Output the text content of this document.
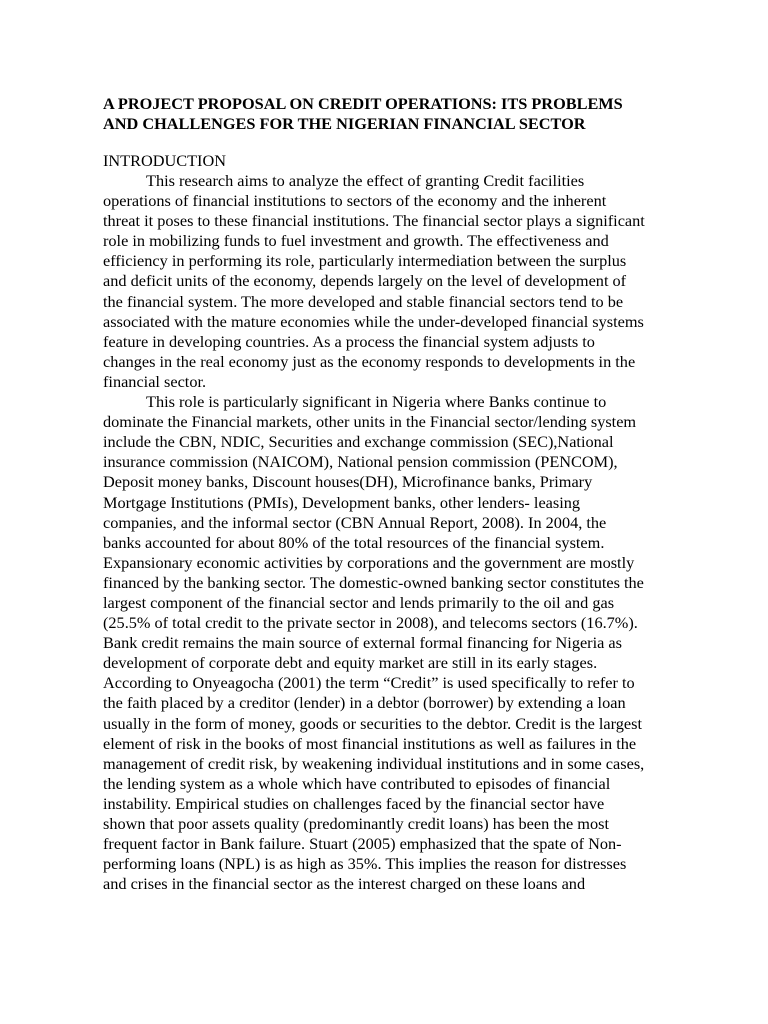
A PROJECT PROPOSAL ON CREDIT OPERATIONS: ITS PROBLEMS
AND CHALLENGES FOR THE NIGERIAN FINANCIAL SECTOR

INTRODUCTION

This research aims to analyze the effect of granting Credit facilities
operations of financial institutions to sectors of the economy and the inherent
threat it poses to these financial institutions. The financial sector plays a significant
role in mobilizing funds to fuel investment and growth. The effectiveness and
efficiency in performing its role, particularly intermediation between the surplus
and deficit units of the economy, depends largely on the level of development of
the financial system. The more developed and stable financial sectors tend to be
associated with the mature economies while the under-developed financial systems
feature in developing countries. As a process the financial system adjusts to
changes in the real economy just as the economy responds to developments in the
financial sector.

This role is particularly significant in Nigeria where Banks continue to
dominate the Financial markets, other units in the Financial sector/lending system
include the CBN, NDIC, Securities and exchange commission (SEC),National
insurance commission (NAICOM), National pension commission (PENCOM),
Deposit money banks, Discount houses(DH), Microfinance banks, Primary
Mortgage Institutions (PMIs), Development banks, other lenders- leasing
companies, and the informal sector (CBN Annual Report, 2008). In 2004, the
banks accounted for about 80% of the total resources of the financial system.
Expansionary economic activities by corporations and the government are mostly
financed by the banking sector. The domestic-owned banking sector constitutes the
largest component of the financial sector and lends primarily to the oil and gas
(25.5% of total credit to the private sector in 2008), and telecoms sectors (16.7%).
Bank credit remains the main source of external formal financing for Nigeria as
development of corporate debt and equity market are still in its early stages.
According to Onyeagocha (2001) the term “Credit” is used specifically to refer to
the faith placed by a creditor (lender) in a debtor (borrower) by extending a loan
usually in the form of money, goods or securities to the debtor. Credit is the largest
element of risk in the books of most financial institutions as well as failures in the
management of credit risk, by weakening individual institutions and in some cases,
the lending system as a whole which have contributed to episodes of financial
instability. Empirical studies on challenges faced by the financial sector have
shown that poor assets quality (predominantly credit loans) has been the most
frequent factor in Bank failure. Stuart (2005) emphasized that the spate of Non-
performing loans (NPL) is as high as 35%. This implies the reason for distresses
and crises in the financial sector as the interest charged on these loans and
